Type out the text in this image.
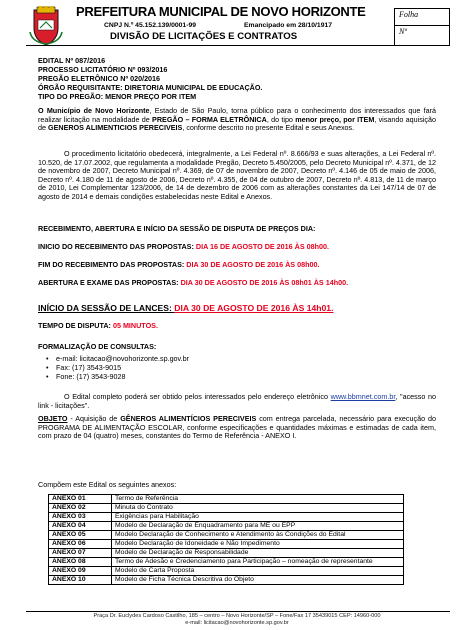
PREFEITURA MUNICIPAL DE NOVO HORIZONTE
CNPJ N.º 45.152.139/0001-99	Emancipado em 28/10/1917
DIVISÃO DE LICITAÇÕES E CONTRATOS
Folha
Nº
EDITAL Nº 087/2016
PROCESSO LICITATÓRIO Nº 093/2016
PREGÃO ELETRÔNICO Nº 020/2016
ÓRGÃO REQUISITANTE: DIRETORIA MUNICIPAL DE EDUCAÇÃO.
TIPO DO PREGÃO: MENOR PREÇO POR ITEM
O Município de Novo Horizonte, Estado de São Paulo, torna público para o conhecimento dos interessados que fará realizar licitação na modalidade de PREGÃO – FORMA ELETRÔNICA, do tipo menor preço, por ITEM, visando aquisição de GENEROS ALIMENTICIOS PERECIVEIS, conforme descrito no presente Edital e seus Anexos.
O procedimento licitatório obedecerá, integralmente, a Lei Federal nº. 8.666/93 e suas alterações, a Lei Federal nº. 10.520, de 17.07.2002, que regulamenta a modalidade Pregão, Decreto 5.450/2005, pelo Decreto Municipal nº. 4.371, de 12 de novembro de 2007, Decreto Municipal nº. 4.369, de 07 de novembro de 2007, Decreto nº. 4.146 de 05 de maio de 2006, Decreto nº. 4.180 de 11 de agosto de 2006, Decreto nº. 4.355, de 04 de outubro de 2007, Decreto nº. 4.813, de 11 de março de 2010, Lei Complementar 123/2006, de 14 de dezembro de 2006 com as alterações constantes da Lei 147/14 de 07 de agosto de 2014 e demais condições estabelecidas neste Edital e Anexos.
RECEBIMENTO, ABERTURA E INÍCIO DA SESSÃO DE DISPUTA DE PREÇOS DIA:
INICIO DO RECEBIMENTO DAS PROPOSTAS: DIA 16 DE AGOSTO DE 2016 ÀS 08h00.
FIM DO RECEBIMENTO DAS PROPOSTAS: DIA 30 DE AGOSTO DE 2016 ÀS 08h00.
ABERTURA E EXAME DAS PROPOSTAS: DIA 30 DE AGOSTO DE 2016 ÀS 08h01 ÀS 14h00.
INÍCIO DA SESSÃO DE LANCES: DIA 30 DE AGOSTO DE 2016 ÀS 14h01.
TEMPO DE DISPUTA: 05 MINUTOS.
FORMALIZAÇÃO DE CONSULTAS:
• e-mail: licitacao@novohorizonte.sp.gov.br
• Fax: (17) 3543-9015
• Fone: (17) 3543-9028
O Edital completo poderá ser obtido pelos interessados pelo endereço eletrônico www.bbmnet.com.br, "acesso no link - licitações".
OBJETO - Aquisição de GÊNEROS ALIMENTÍCIOS PERECIVEIS com entrega parcelada, necessário para execução do PROGRAMA DE ALIMENTAÇÃO ESCOLAR, conforme especificações e quantidades máximas e estimadas de cada item, com prazo de 04 (quatro) meses, constantes do Termo de Referência - ANEXO I.
Compõem este Edital os seguintes anexos:
ANEXO 01	Termo de Referência
ANEXO 02	Minuta do Contrato
ANEXO 03	Exigências para Habilitação
ANEXO 04	Modelo de Declaração de Enquadramento para ME ou EPP
ANEXO 05	Modelo Declaração de Conhecimento e Atendimento às Condições do Edital
ANEXO 06	Modelo Declaração de Idoneidade e Não Impedimento
ANEXO 07	Modelo de Declaração de Responsabilidade
ANEXO 08	Termo de Adesão e Credenciamento para Participação – nomeação de representante
ANEXO 09	Modelo de Carta Proposta
ANEXO 10	Modelo de Ficha Técnica Descritiva do Objeto
Praça Dr. Euclydes Cardoso Castilho, 185 – centro – Novo Horizonte/SP – Fone/Fax 17 35439015 CEP: 14960-000
e-mail: licitacao@novohorizonte.sp.gov.br
